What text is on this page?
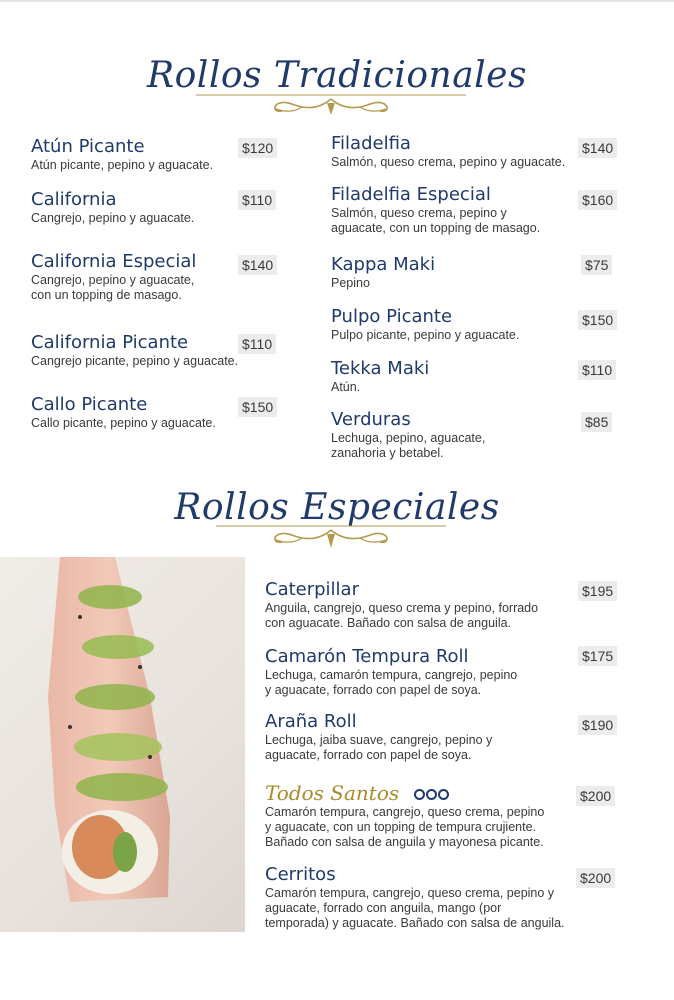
Rollos Tradicionales
Atún Picante
Atún picante, pepino y aguacate.
$120
California
Cangrejo, pepino y aguacate.
$110
California Especial
Cangrejo, pepino y aguacate, con un topping de masago.
$140
California Picante
Cangrejo picante, pepino y aguacate.
$110
Callo Picante
Callo picante, pepino y aguacate.
$150
Filadelfia
Salmón, queso crema, pepino y aguacate.
$140
Filadelfia Especial
Salmón, queso crema, pepino y aguacate, con un topping de masago.
$160
Kappa Maki
Pepino
$75
Pulpo Picante
Pulpo picante, pepino y aguacate.
$150
Tekka Maki
Atún.
$110
Verduras
Lechuga, pepino, aguacate, zanahoria y betabel.
$85
Rollos Especiales
Caterpillar
Anguila, cangrejo, queso crema y pepino, forrado con aguacate. Bañado con salsa de anguila.
$195
Camarón Tempura Roll
Lechuga, camarón tempura, cangrejo, pepino y aguacate, forrado con papel de soya.
$175
Araña Roll
Lechuga, jaiba suave, cangrejo, pepino y aguacate, forrado con papel de soya.
$190
Todos Santos
Camarón tempura, cangrejo, queso crema, pepino y aguacate, con un topping de tempura crujiente. Bañado con salsa de anguila y mayonesa picante.
$200
Cerritos
Camarón tempura, cangrejo, queso crema, pepino y aguacate, forrado con anguila, mango (por temporada) y aguacate. Bañado con salsa de anguila.
$200
